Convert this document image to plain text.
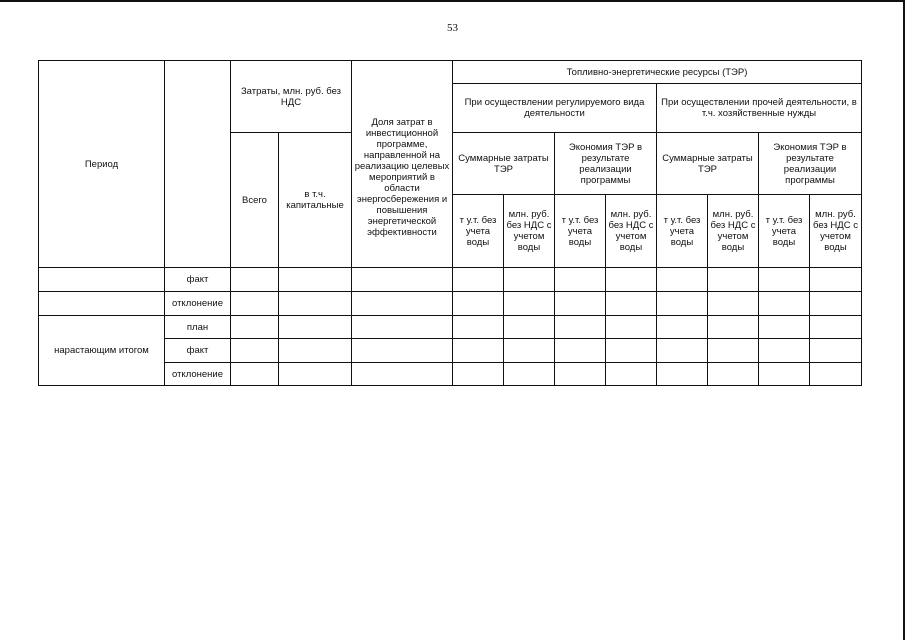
53
Период		Затраты, млн. руб. без НДС		Доля затрат в инвестиционной программе, направленной на реализацию целевых мероприятий в области энергосбережения и повышения энергетической эффективности	Топливно-энергетические ресурсы (ТЭР)							
					При осуществлении регулируемого вида деятельности				При осуществлении прочей деятельности, в т.ч. хозяйственные нужды			
		Всего	в т.ч. капитальные		Суммарные затраты ТЭР		Экономия ТЭР в результате реализации программы		Суммарные затраты ТЭР		Экономия ТЭР в результате реализации программы	
					т у.т. без учета воды	млн. руб. без НДС с учетом воды	т у.т. без учета воды	млн. руб. без НДС с учетом воды	т у.т. без учета воды	млн. руб. без НДС с учетом воды	т у.т. без учета воды	млн. руб. без НДС с учетом воды
	факт											
	отклонение											
нарастающим итогом	план											
	факт											
	отклонение											
